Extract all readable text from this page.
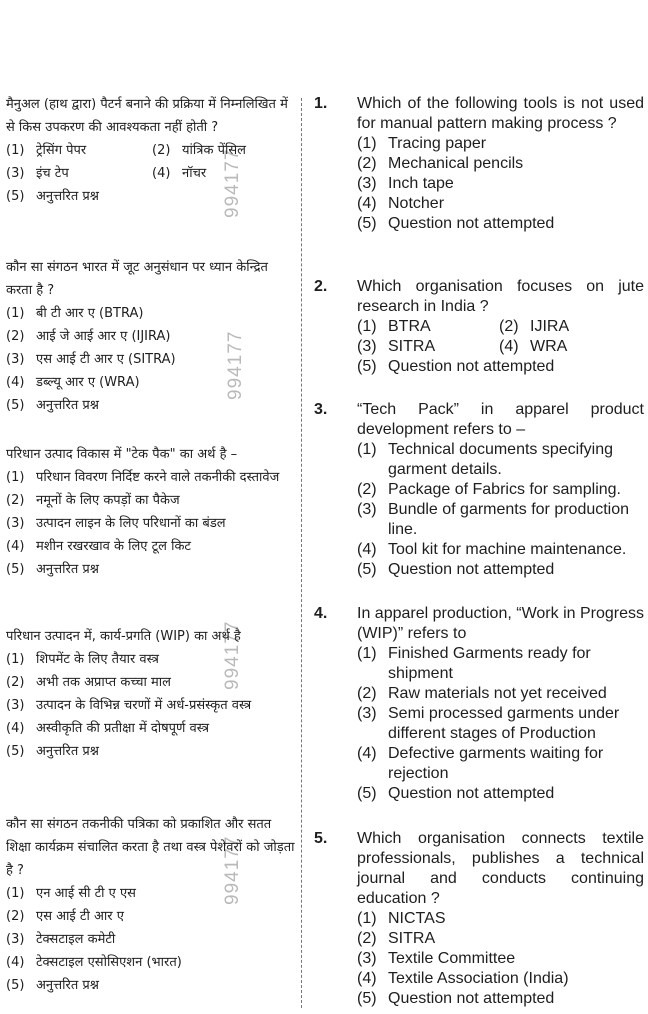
994177
994177
994177
994177

मैनुअल (हाथ द्वारा) पैटर्न बनाने की प्रक्रिया में निम्नलिखित में से किस उपकरण की आवश्यकता नहीं होती ?

(1) ट्रेसिंग पेपर	(2) यांत्रिक पेंसिल
(3) इंच टेप	(4) नॉचर
(5) अनुत्तरित प्रश्न

कौन सा संगठन भारत में जूट अनुसंधान पर ध्यान केन्द्रित करता है ?

(1) बी टी आर ए (BTRA)
(2) आई जे आई आर ए (IJIRA)
(3) एस आई टी आर ए (SITRA)
(4) डब्ल्यू आर ए (WRA)
(5) अनुत्तरित प्रश्न

परिधान उत्पाद विकास में "टेक पैक" का अर्थ है –

(1) परिधान विवरण निर्दिष्ट करने वाले तकनीकी दस्तावेज
(2) नमूनों के लिए कपड़ों का पैकेज
(3) उत्पादन लाइन के लिए परिधानों का बंडल
(4) मशीन रखरखाव के लिए टूल किट
(5) अनुत्तरित प्रश्न

परिधान उत्पादन में, कार्य-प्रगति (WIP) का अर्थ है

(1) शिपमेंट के लिए तैयार वस्त्र
(2) अभी तक अप्राप्त कच्चा माल
(3) उत्पादन के विभिन्न चरणों में अर्ध-प्रसंस्कृत वस्त्र
(4) अस्वीकृति की प्रतीक्षा में दोषपूर्ण वस्त्र
(5) अनुत्तरित प्रश्न

कौन सा संगठन तकनीकी पत्रिका को प्रकाशित और सतत शिक्षा कार्यक्रम संचालित करता है तथा वस्त्र पेशेवरों को जोड़ता है ?

(1) एन आई सी टी ए एस
(2) एस आई टी आर ए
(3) टेक्सटाइल कमेटी
(4) टेक्सटाइल एसोसिएशन (भारत)
(5) अनुत्तरित प्रश्न
1. Which of the following tools is not used for manual pattern making process ?

(1) Tracing paper
(2) Mechanical pencils
(3) Inch tape
(4) Notcher
(5) Question not attempted
2. Which organisation focuses on jute research in India ?

(1) BTRA	(2) IJIRA
(3) SITRA	(4) WRA
(5) Question not attempted
3. “Tech Pack” in apparel product development refers to –

(1) Technical documents specifying garment details.
(2) Package of Fabrics for sampling.
(3) Bundle of garments for production line.
(4) Tool kit for machine maintenance.
(5) Question not attempted
4. In apparel production, “Work in Progress (WIP)” refers to

(1) Finished Garments ready for shipment
(2) Raw materials not yet received
(3) Semi processed garments under different stages of Production
(4) Defective garments waiting for rejection
(5) Question not attempted
5. Which organisation connects textile professionals, publishes a technical journal and conducts continuing education ?

(1) NICTAS
(2) SITRA
(3) Textile Committee
(4) Textile Association (India)
(5) Question not attempted
